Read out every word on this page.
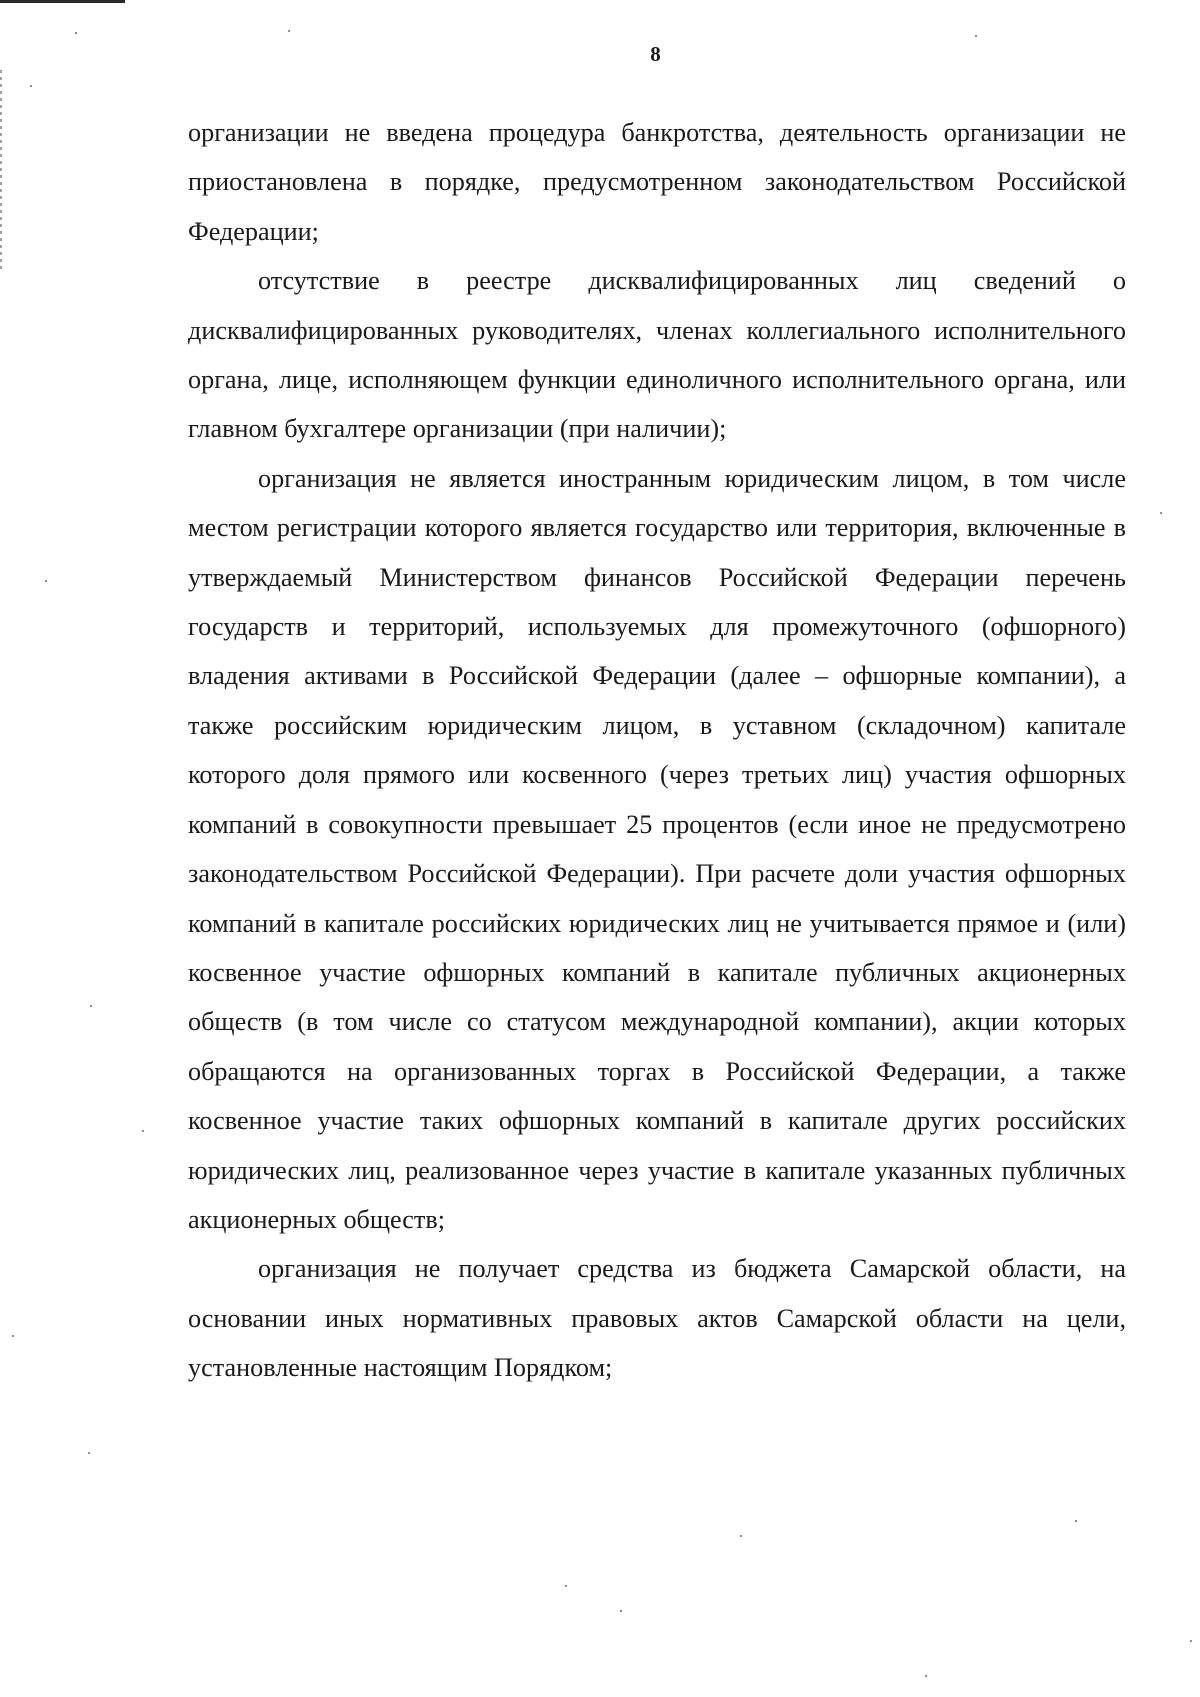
8

организации не введена процедура банкротства, деятельность организации не приостановлена в порядке, предусмотренном законодательством Российской Федерации;

отсутствие в реестре дисквалифицированных лиц сведений о дисквалифицированных руководителях, членах коллегиального исполнительного органа, лице, исполняющем функции единоличного исполнительного органа, или главном бухгалтере организации (при наличии);

организация не является иностранным юридическим лицом, в том числе местом регистрации которого является государство или территория, включенные в утверждаемый Министерством финансов Российской Федерации перечень государств и территорий, используемых для промежуточного (офшорного) владения активами в Российской Федерации (далее – офшорные компании), а также российским юридическим лицом, в уставном (складочном) капитале которого доля прямого или косвенного (через третьих лиц) участия офшорных компаний в совокупности превышает 25 процентов (если иное не предусмотрено законодательством Российской Федерации). При расчете доли участия офшорных компаний в капитале российских юридических лиц не учитывается прямое и (или) косвенное участие офшорных компаний в капитале публичных акционерных обществ (в том числе со статусом международной компании), акции которых обращаются на организованных торгах в Российской Федерации, а также косвенное участие таких офшорных компаний в капитале других российских юридических лиц, реализованное через участие в капитале указанных публичных акционерных обществ;

организация не получает средства из бюджета Самарской области, на основании иных нормативных правовых актов Самарской области на цели, установленные настоящим Порядком;
